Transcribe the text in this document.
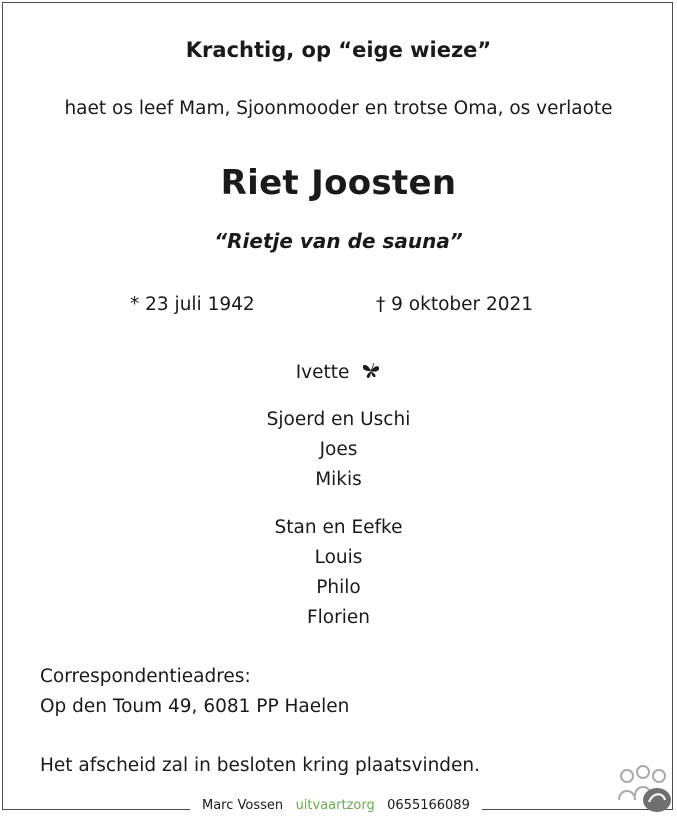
Krachtig, op “eige wieze”
haet os leef Mam, Sjoonmooder en trotse Oma, os verlaote
Riet Joosten
“Rietje van de sauna”
* 23 juli 1942	† 9 oktober 2021
Ivette
Sjoerd en Uschi
Joes
Mikis
Stan en Eefke
Louis
Philo
Florien
Correspondentieadres:
Op den Toum 49, 6081 PP Haelen
Het afscheid zal in besloten kring plaatsvinden.
Marc Vossen uitvaartzorg 0655166089
